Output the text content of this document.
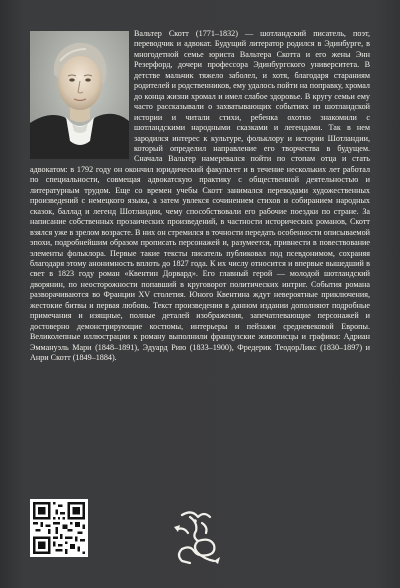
Вальтер Скотт (1771–1832) — шотландский писатель, поэт, переводчик и адвокат. Будущий литератор родился в Эдинбурге, в многодетной семье юриста Вальтера Скотта и его жены Энн Резерфорд, дочери профессора Эдинбургского университета. В детстве мальчик тяжело заболел, и хотя, благодаря стараниям родителей и родственников, ему удалось пойти на поправку, хромал до конца жизни хромал и имел слабое здоровье. В кругу семьи ему часто рассказывали о захватывающих событиях из шотландской истории и читали стихи, ребенка охотно знакомили с шотландскими народными сказками и легендами. Так в нем зародился интерес к культуре, фольклору и истории Шотландии, который определил направление его творчества в будущем. Сначала Вальтер намеревался пойти по стопам отца и стать адвокатом: в 1792 году он окончил юридический факультет и в течение нескольких лет работал по специальности, совмещая адвокатскую практику с общественной деятельностью и литературным трудом. Еще со времен учебы Скотт занимался переводами художественных произведений с немецкого языка, а затем увлекся сочинением стихов и собиранием народных сказок, баллад и легенд Шотландии, чему способствовали его рабочие поездки по стране. За написание собственных прозаических произведений, в частности исторических романов, Скотт взялся уже в зрелом возрасте. В них он стремился в точности передать особенности описываемой эпохи, подробнейшим образом прописать персонажей и, разумеется, привнести в повествование элементы фольклора. Первые такие тексты писатель публиковал под псевдонимом, сохраняя благодаря этому анонимность вплоть до 1827 года. К их числу относится и впервые вышедший в свет в 1823 году роман «Квентин Дорвард». Его главный герой — молодой шотландский дворянин, по неосторожности попавший в круговорот политических интриг. События романа разворачиваются во Франции XV столетия. Юного Квентина ждут невероятные приключения, жестокие битвы и первая любовь. Текст произведения в данном издании дополняют подробные примечания и изящные, полные деталей изображения, запечатлевающие персонажей и достоверно демонстрирующие костюмы, интерьеры и пейзажи средневековой Европы. Великолепные иллюстрации к роману выполнили французские живописцы и графики: Адриан Эммануэль Мари (1848–1891), Эдуард Рию (1833–1900), Фредерик ТеодорЛикс (1830–1897) и Анри Скотт (1849–1884).
